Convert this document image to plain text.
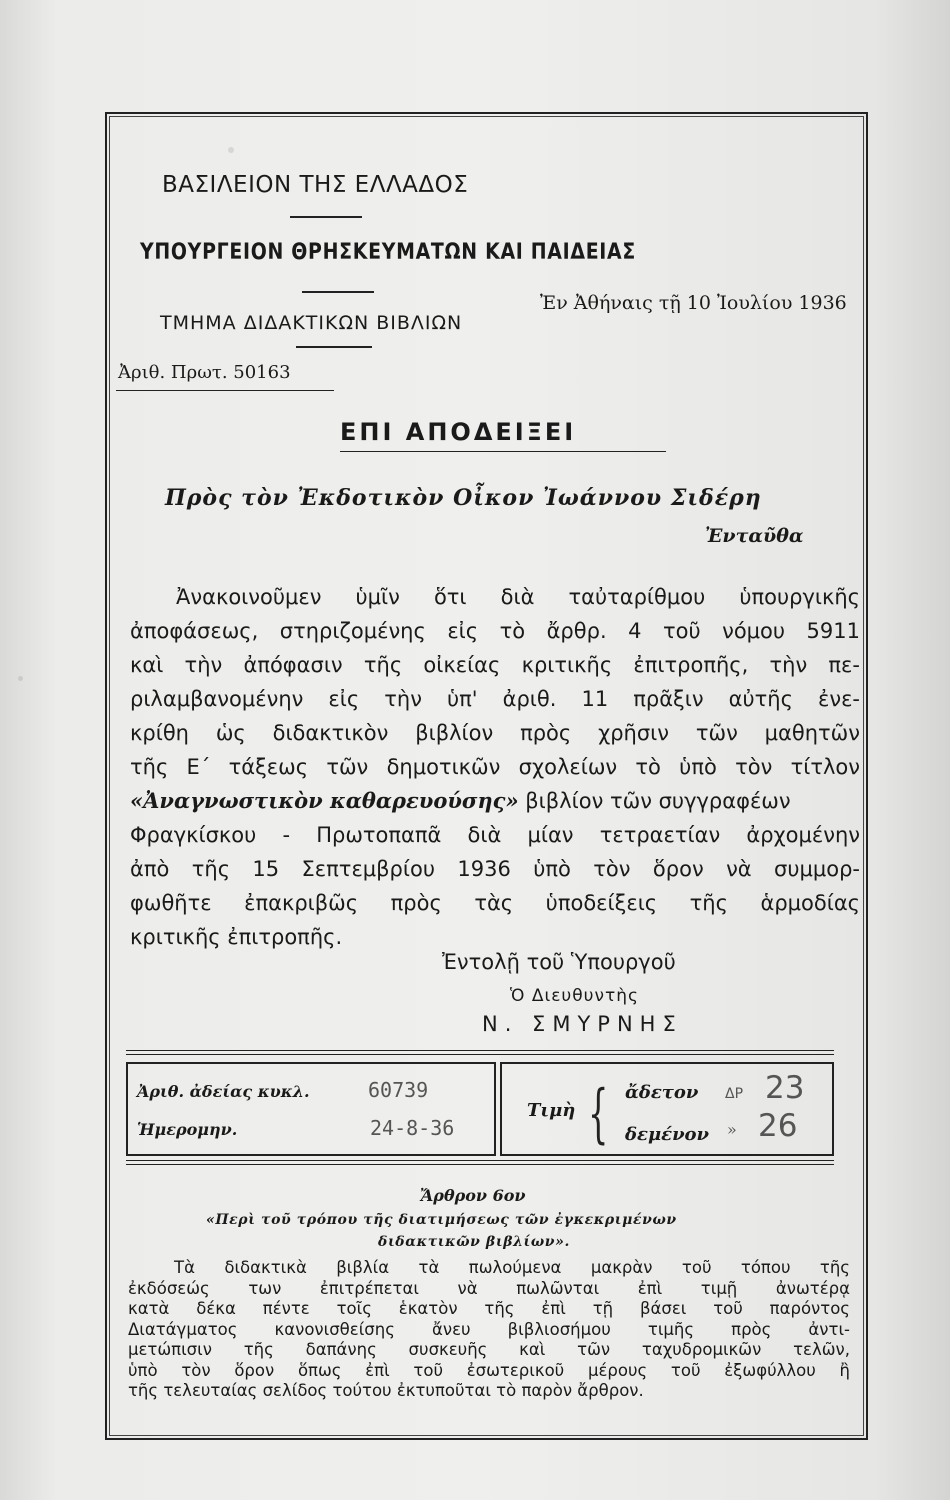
ΒΑΣΙΛΕΙΟΝ ΤΗΣ ΕΛΛΑΔΟΣ
ΥΠΟΥΡΓΕΙΟΝ ΘΡΗΣΚΕΥΜΑΤΩΝ ΚΑΙ ΠΑΙΔΕΙΑΣ
ΤΜΗΜΑ ΔΙΔΑΚΤΙΚΩΝ ΒΙΒΛΙΩΝ
Ἐν Ἀθήναις τῇ 10 Ἰουλίου 1936
Ἀριθ. Πρωτ. 50163
ΕΠΙ ΑΠΟΔΕΙΞΕΙ
Πρὸς τὸν Ἐκδοτικὸν Οἶκον Ἰωάννου Σιδέρη
Ἐνταῦθα
Ἀνακοινοῦμεν ὑμῖν ὅτι διὰ ταὐταρίθμου ὑπουργικῆς
ἀποφάσεως, στηριζομένης εἰς τὸ ἄρθρ. 4 τοῦ νόμου 5911
καὶ τὴν ἀπόφασιν τῆς οἰκείας κριτικῆς ἐπιτροπῆς, τὴν πε-
ριλαμβανομένην εἰς τὴν ὑπ' ἀριθ. 11 πρᾶξιν αὐτῆς ἐνε-
κρίθη ὡς διδακτικὸν βιβλίον πρὸς χρῆσιν τῶν μαθητῶν
τῆς Ε΄ τάξεως τῶν δημοτικῶν σχολείων τὸ ὑπὸ τὸν τίτλον
«Ἀναγνωστικὸν καθαρευούσης» βιβλίον τῶν συγγραφέων
Φραγκίσκου - Πρωτοπαπᾶ διὰ μίαν τετραετίαν ἀρχομένην
ἀπὸ τῆς 15 Σεπτεμβρίου 1936 ὑπὸ τὸν ὅρον νὰ συμμορ-
φωθῆτε ἐπακριβῶς πρὸς τὰς ὑποδείξεις τῆς ἁρμοδίας
κριτικῆς ἐπιτροπῆς.
Ἐντολῇ τοῦ Ὑπουργοῦ
Ὁ Διευθυντὴς
Ν. ΣΜΥΡΝΗΣ
Ἀριθ. ἀδείας κυκλ.	60739
Ἡμερομην.	24-8-36
Τιμὴ { ἄδετον ΔΡ 23
δεμένον » 26
Ἄρθρον 6ον
«Περὶ τοῦ τρόπου τῆς διατιμήσεως τῶν ἐγκεκριμένων
διδακτικῶν βιβλίων».
Τὰ διδακτικὰ βιβλία τὰ πωλούμενα μακρὰν τοῦ τόπου τῆς
ἐκδόσεώς των ἐπιτρέπεται νὰ πωλῶνται ἐπὶ τιμῇ ἀνωτέρᾳ
κατὰ δέκα πέντε τοῖς ἑκατὸν τῆς ἐπὶ τῇ βάσει τοῦ παρόντος
Διατάγματος κανονισθείσης ἄνευ βιβλιοσήμου τιμῆς πρὸς ἀντι-
μετώπισιν τῆς δαπάνης συσκευῆς καὶ τῶν ταχυδρομικῶν τελῶν,
ὑπὸ τὸν ὅρον ὅπως ἐπὶ τοῦ ἐσωτερικοῦ μέρους τοῦ ἐξωφύλλου ἢ
τῆς τελευταίας σελίδος τούτου ἐκτυποῦται τὸ παρὸν ἄρθρον.
